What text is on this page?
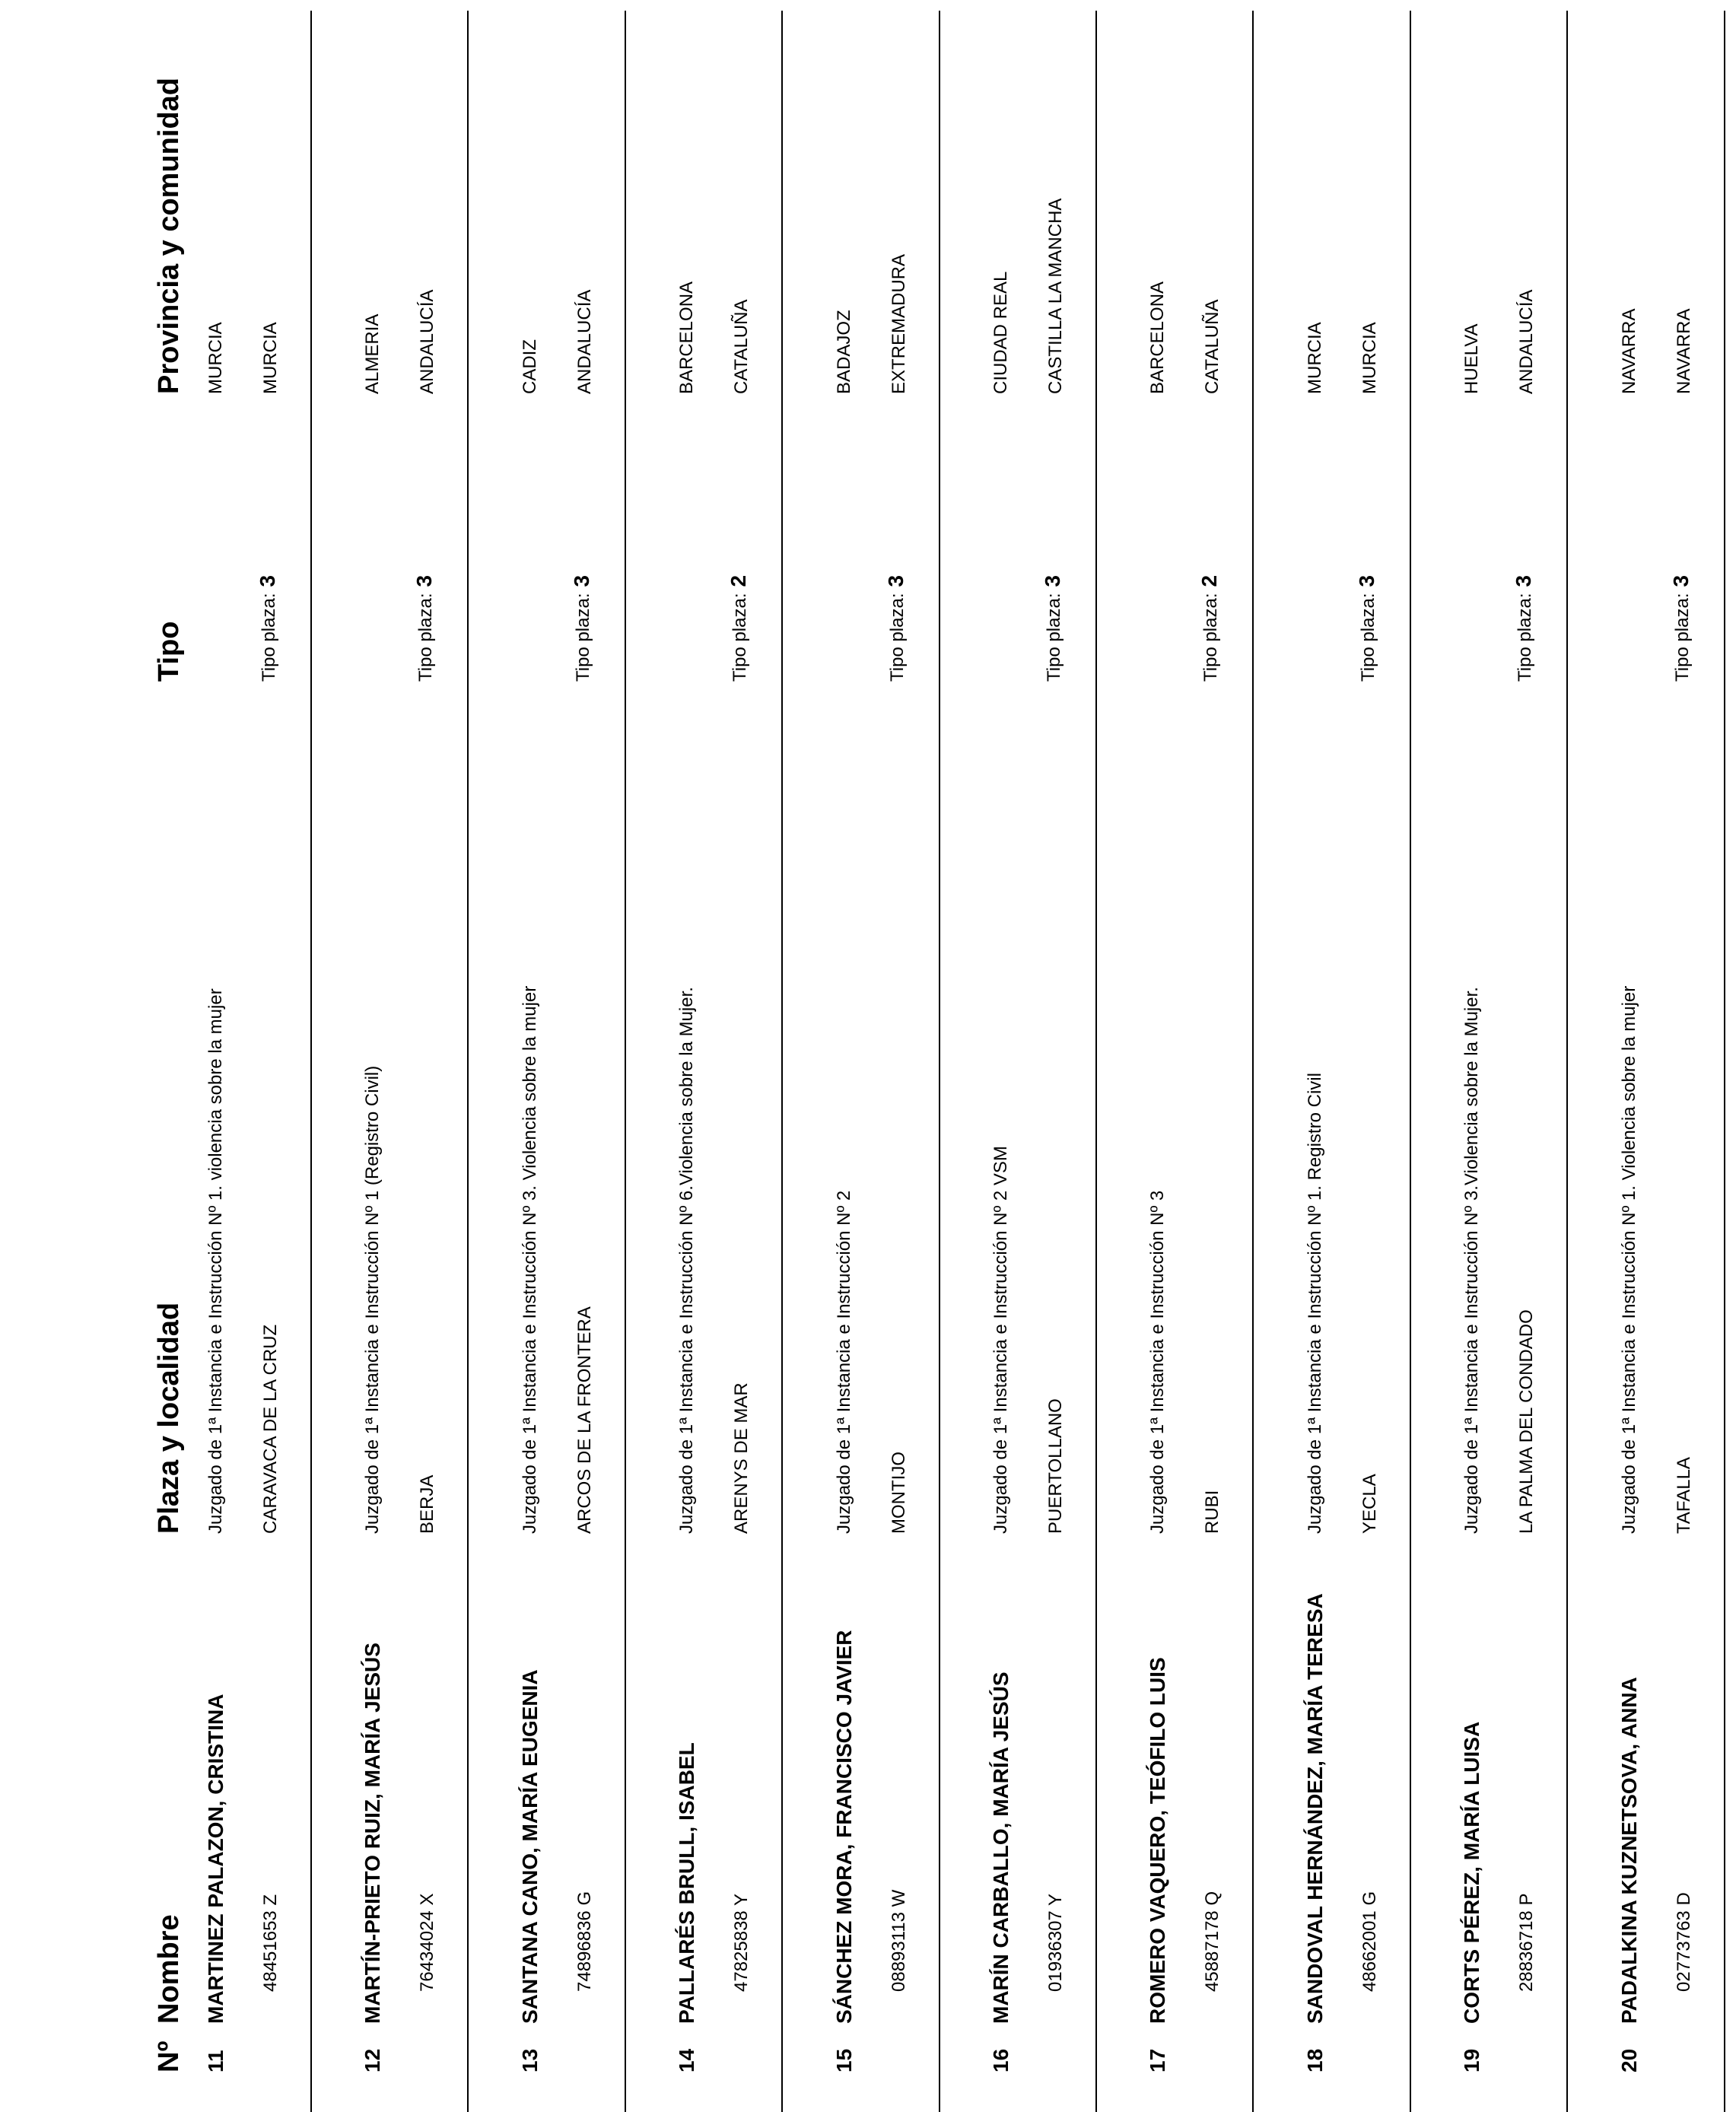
Nº
Nombre
Plaza y localidad
Tipo
Provincia y comunidad
11
MARTINEZ PALAZON, CRISTINA 48451653 Z
Juzgado de 1ª Instancia e Instrucción Nº 1. violencia sobre la mujer CARAVACA DE LA CRUZ
Tipo plaza:3
MURCIA MURCIA
12
MARTÍN-PRIETO RUIZ, MARÍA JESÚS 76434024 X
Juzgado de 1ª Instancia e Instrucción Nº 1 (Registro Civil) BERJA
Tipo plaza:3
ALMERIA ANDALUCÍA
13
SANTANA CANO, MARÍA EUGENIA 74896836 G
Juzgado de 1ª Instancia e Instrucción Nº 3. Violencia sobre la mujer ARCOS DE LA FRONTERA
Tipo plaza:3
CADIZ ANDALUCÍA
14
PALLARÉS BRULL, ISABEL 47825838 Y
Juzgado de 1ª Instancia e Instrucción Nº 6.Violencia sobre la Mujer. ARENYS DE MAR
Tipo plaza:2
BARCELONA CATALUÑA
15
SÁNCHEZ MORA, FRANCISCO JAVIER 08893113 W
Juzgado de 1ª Instancia e Instrucción Nº 2 MONTIJO
Tipo plaza:3
BADAJOZ EXTREMADURA
16
MARÍN CARBALLO, MARÍA JESÚS 01936307 Y
Juzgado de 1ª Instancia e Instrucción Nº 2 VSM PUERTOLLANO
Tipo plaza:3
CIUDAD REAL CASTILLA LA MANCHA
17
ROMERO VAQUERO, TEÓFILO LUIS 45887178 Q
Juzgado de 1ª Instancia e Instrucción Nº 3 RUBI
Tipo plaza:2
BARCELONA CATALUÑA
18
SANDOVAL HERNÁNDEZ, MARÍA TERESA 48662001 G
Juzgado de 1ª Instancia e Instrucción Nº 1. Registro Civil YECLA
Tipo plaza:3
MURCIA MURCIA
19
CORTS PÉREZ, MARÍA LUISA 28836718 P
Juzgado de 1ª Instancia e Instrucción Nº 3.Violencia sobre la Mujer. LA PALMA DEL CONDADO
Tipo plaza:3
HUELVA ANDALUCÍA
20
PADALKINA KUZNETSOVA, ANNA 02773763 D
Juzgado de 1ª Instancia e Instrucción Nº 1. Violencia sobre la mujer TAFALLA
Tipo plaza:3
NAVARRA NAVARRA
